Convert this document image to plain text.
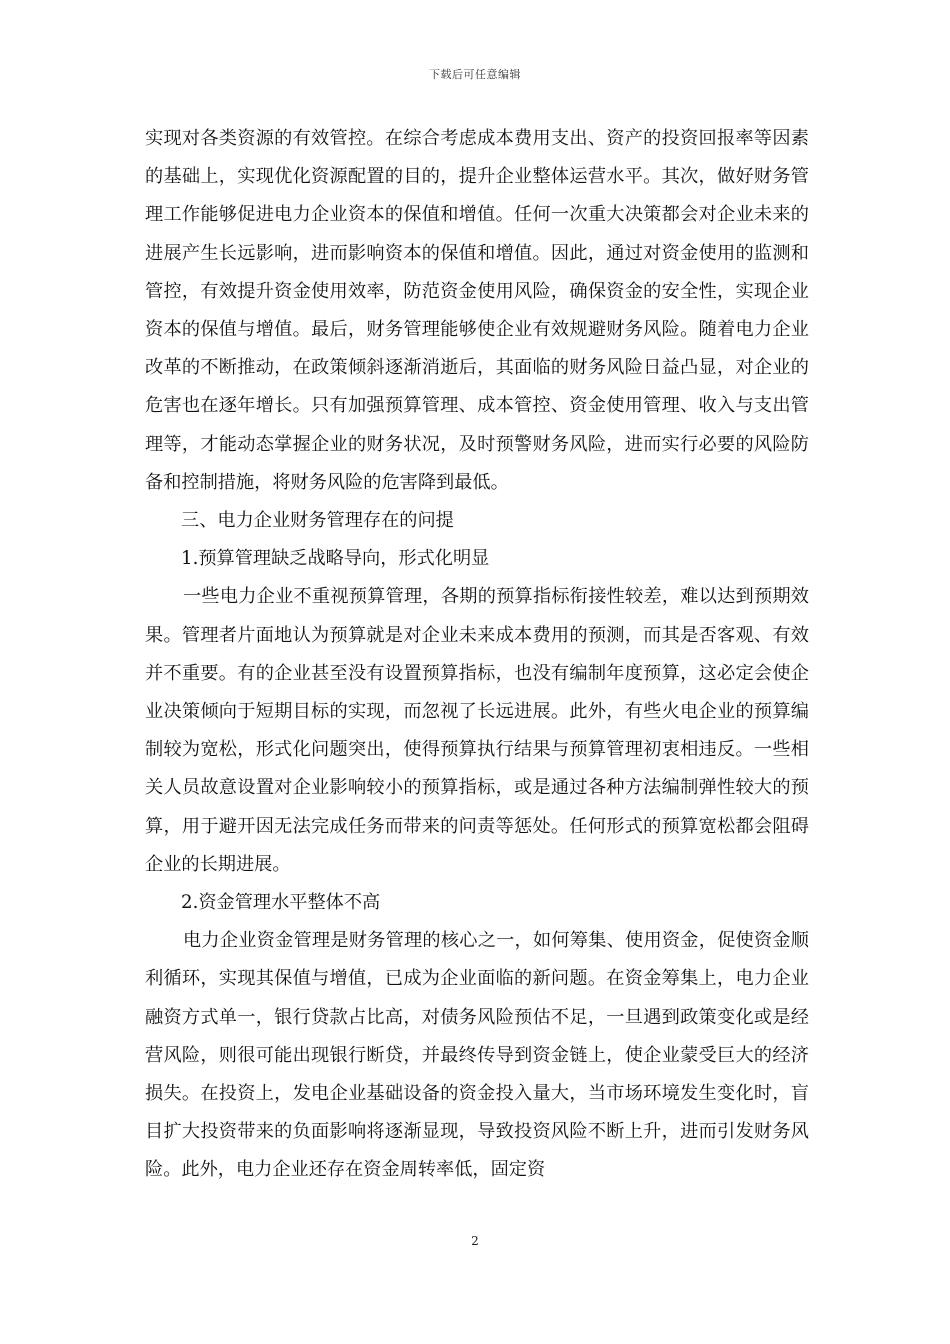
下载后可任意编辑

实现对各类资源的有效管控。在综合考虑成本费用支出、资产的投资回报率等因素的基础上，实现优化资源配置的目的，提升企业整体运营水平。其次，做好财务管理工作能够促进电力企业资本的保值和增值。任何一次重大决策都会对企业未来的进展产生长远影响，进而影响资本的保值和增值。因此，通过对资金使用的监测和管控，有效提升资金使用效率，防范资金使用风险，确保资金的安全性，实现企业资本的保值与增值。最后，财务管理能够使企业有效规避财务风险。随着电力企业改革的不断推动，在政策倾斜逐渐消逝后，其面临的财务风险日益凸显，对企业的危害也在逐年增长。只有加强预算管理、成本管控、资金使用管理、收入与支出管理等，才能动态掌握企业的财务状况，及时预警财务风险，进而实行必要的风险防备和控制措施，将财务风险的危害降到最低。

三、电力企业财务管理存在的问提

1.预算管理缺乏战略导向，形式化明显

一些电力企业不重视预算管理，各期的预算指标衔接性较差，难以达到预期效果。管理者片面地认为预算就是对企业未来成本费用的预测，而其是否客观、有效并不重要。有的企业甚至没有设置预算指标，也没有编制年度预算，这必定会使企业决策倾向于短期目标的实现，而忽视了长远进展。此外，有些火电企业的预算编制较为宽松，形式化问题突出，使得预算执行结果与预算管理初衷相违反。一些相关人员故意设置对企业影响较小的预算指标，或是通过各种方法编制弹性较大的预算，用于避开因无法完成任务而带来的问责等惩处。任何形式的预算宽松都会阻碍企业的长期进展。

2.资金管理水平整体不高

电力企业资金管理是财务管理的核心之一，如何筹集、使用资金，促使资金顺利循环，实现其保值与增值，已成为企业面临的新问题。在资金筹集上，电力企业融资方式单一，银行贷款占比高，对债务风险预估不足，一旦遇到政策变化或是经营风险，则很可能出现银行断贷，并最终传导到资金链上，使企业蒙受巨大的经济损失。在投资上，发电企业基础设备的资金投入量大，当市场环境发生变化时，盲目扩大投资带来的负面影响将逐渐显现，导致投资风险不断上升，进而引发财务风险。此外，电力企业还存在资金周转率低，固定资

2
